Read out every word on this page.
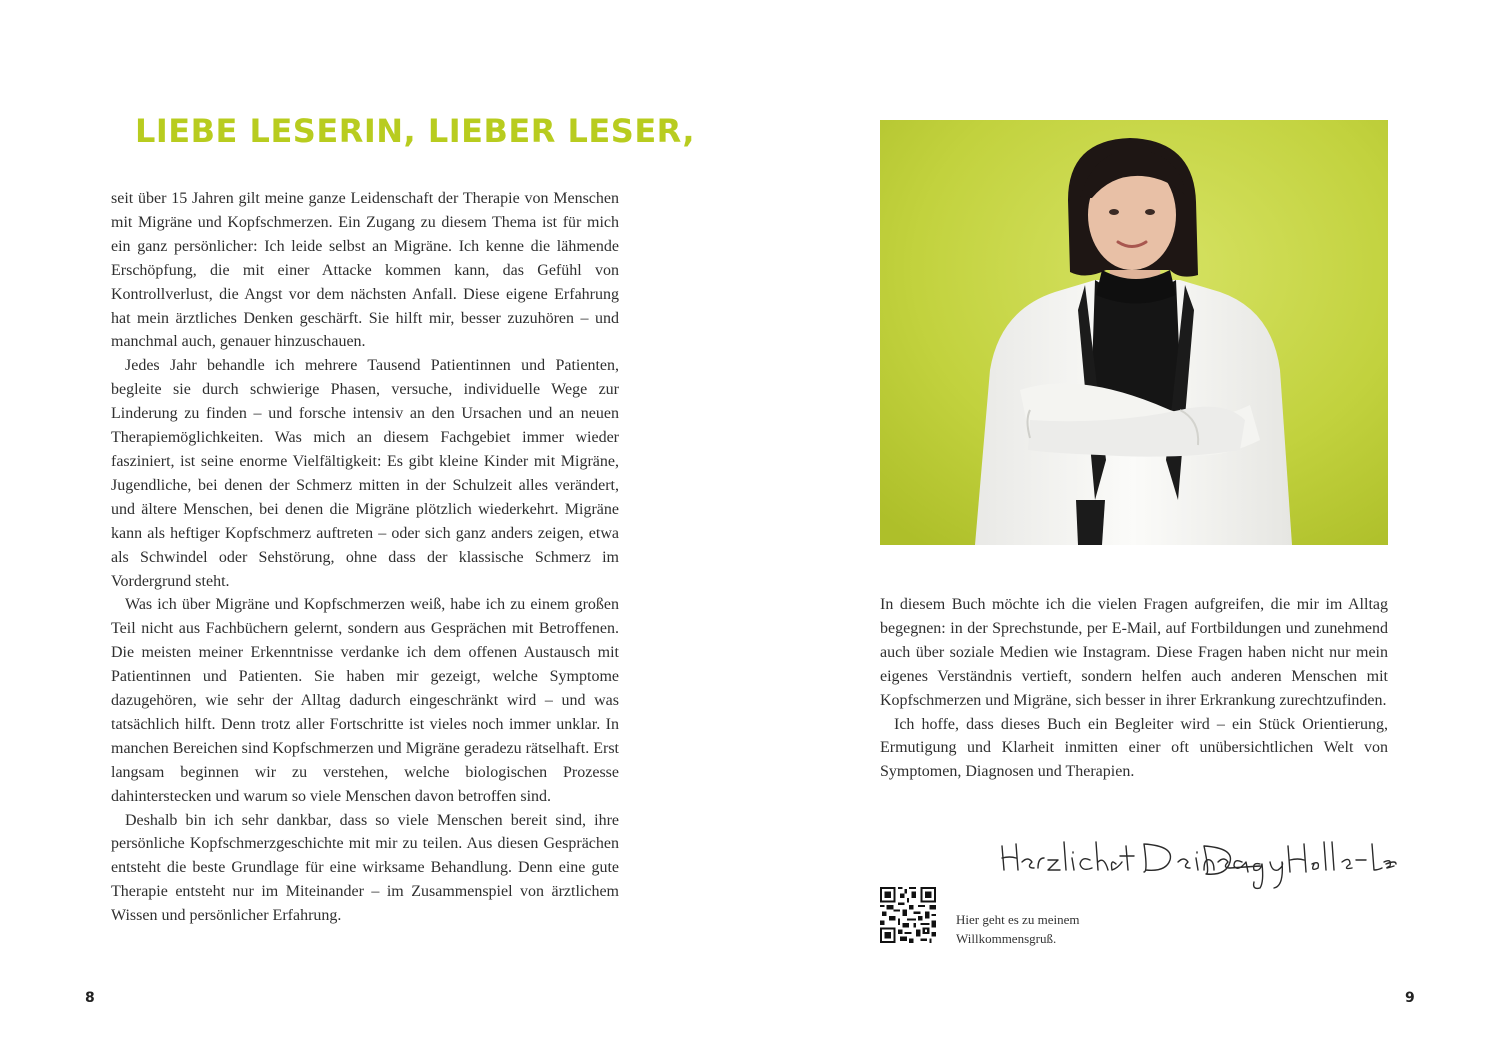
LIEBE LESERIN, LIEBER LESER,

seit über 15 Jahren gilt meine ganze Leidenschaft der Therapie von Menschen mit Migräne und Kopfschmerzen. Ein Zugang zu diesem Thema ist für mich ein ganz persönlicher: Ich leide selbst an Migräne. Ich kenne die lähmende Erschöpfung, die mit einer Attacke kommen kann, das Gefühl von Kontrollverlust, die Angst vor dem nächsten Anfall. Diese eigene Erfahrung hat mein ärztliches Denken geschärft. Sie hilft mir, besser zuzuhören – und manchmal auch, genauer hinzuschauen.

Jedes Jahr behandle ich mehrere Tausend Patientinnen und Patienten, begleite sie durch schwierige Phasen, versuche, individuelle Wege zur Linderung zu finden – und forsche intensiv an den Ursachen und an neuen Therapiemöglichkeiten. Was mich an diesem Fachgebiet immer wieder fasziniert, ist seine enorme Vielfältigkeit: Es gibt kleine Kinder mit Migräne, Jugendliche, bei denen der Schmerz mitten in der Schulzeit alles verändert, und ältere Menschen, bei denen die Migräne plötzlich wiederkehrt. Migräne kann als heftiger Kopfschmerz auftreten – oder sich ganz anders zeigen, etwa als Schwindel oder Sehstörung, ohne dass der klassische Schmerz im Vordergrund steht.

Was ich über Migräne und Kopfschmerzen weiß, habe ich zu einem großen Teil nicht aus Fachbüchern gelernt, sondern aus Gesprächen mit Betroffenen. Die meisten meiner Erkenntnisse verdanke ich dem offenen Austausch mit Patientinnen und Patienten. Sie haben mir gezeigt, welche Symptome dazugehören, wie sehr der Alltag dadurch eingeschränkt wird – und was tatsächlich hilft. Denn trotz aller Fortschritte ist vieles noch immer unklar. In manchen Bereichen sind Kopfschmerzen und Migräne geradezu rätselhaft. Erst langsam beginnen wir zu verstehen, welche biologischen Prozesse dahinterstecken und warum so viele Menschen davon betroffen sind.

Deshalb bin ich sehr dankbar, dass so viele Menschen bereit sind, ihre persönliche Kopfschmerzgeschichte mit mir zu teilen. Aus diesen Gesprächen entsteht die beste Grundlage für eine wirksame Behandlung. Denn eine gute Therapie entsteht nur im Miteinander – im Zusammenspiel von ärztlichem Wissen und persönlicher Erfahrung.

8

In diesem Buch möchte ich die vielen Fragen aufgreifen, die mir im Alltag begegnen: in der Sprechstunde, per E-Mail, auf Fortbildungen und zunehmend auch über soziale Medien wie Instagram. Diese Fragen haben nicht nur mein eigenes Verständnis vertieft, sondern helfen auch anderen Menschen mit Kopfschmerzen und Migräne, sich besser in ihrer Erkrankung zurechtzufinden.

Ich hoffe, dass dieses Buch ein Begleiter wird – ein Stück Orientierung, Ermutigung und Klarheit inmitten einer oft unübersichtlichen Welt von Symptomen, Diagnosen und Therapien.

Hier geht es zu meinem
Willkommensgruß.
9
